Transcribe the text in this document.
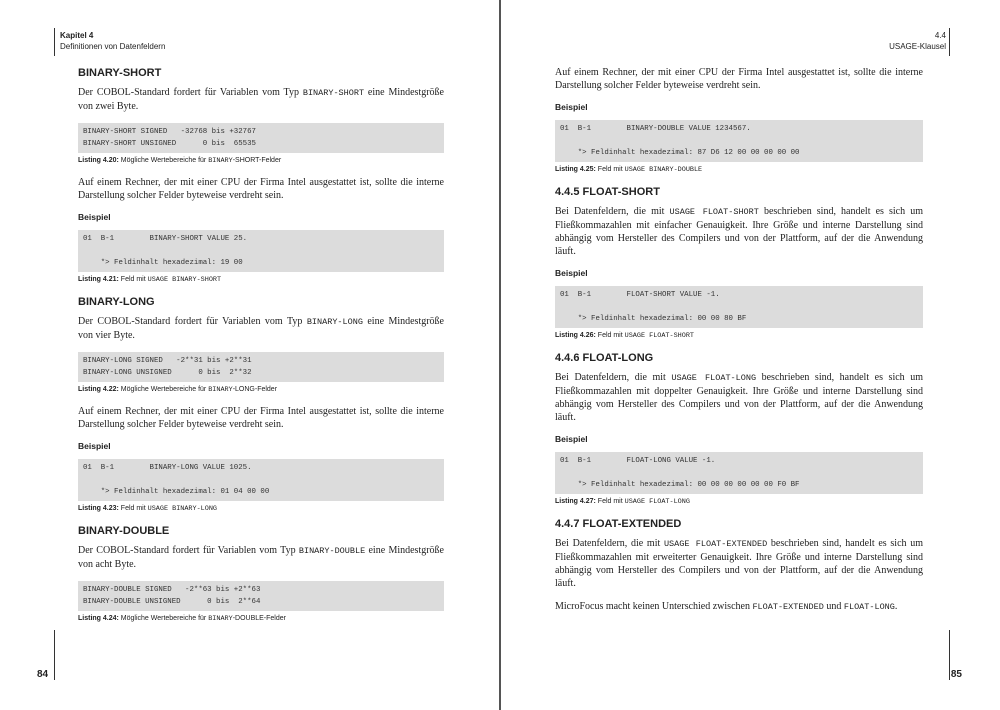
Kapitel 4
Definitionen von Datenfeldern
BINARY-SHORT

Der COBOL-Standard fordert für Variablen vom Typ BINARY-SHORT eine Mindestgröße von zwei Byte.

BINARY-SHORT SIGNED   -32768 bis +32767
BINARY-SHORT UNSIGNED      0 bis  65535
Listing 4.20: Mögliche Wertebereiche für BINARY-SHORT-Felder

Auf einem Rechner, der mit einer CPU der Firma Intel ausgestattet ist, sollte die interne Darstellung solcher Felder byteweise verdreht sein.

Beispiel
01  B-1        BINARY-SHORT VALUE 25.

*> Feldinhalt hexadezimal: 19 00
Listing 4.21: Feld mit USAGE BINARY-SHORT
BINARY-LONG

Der COBOL-Standard fordert für Variablen vom Typ BINARY-LONG eine Mindestgröße von vier Byte.

BINARY-LONG SIGNED   -2**31 bis +2**31
BINARY-LONG UNSIGNED      0 bis  2**32
Listing 4.22: Mögliche Wertebereiche für BINARY-LONG-Felder

Auf einem Rechner, der mit einer CPU der Firma Intel ausgestattet ist, sollte die interne Darstellung solcher Felder byteweise verdreht sein.

Beispiel
01  B-1        BINARY-LONG VALUE 1025.

*> Feldinhalt hexadezimal: 01 04 00 00
Listing 4.23: Feld mit USAGE BINARY-LONG
BINARY-DOUBLE

Der COBOL-Standard fordert für Variablen vom Typ BINARY-DOUBLE eine Mindestgröße von acht Byte.

BINARY-DOUBLE SIGNED   -2**63 bis +2**63
BINARY-DOUBLE UNSIGNED      0 bis  2**64
Listing 4.24: Mögliche Wertebereiche für BINARY-DOUBLE-Felder
84
4.4
USAGE-Klausel

Auf einem Rechner, der mit einer CPU der Firma Intel ausgestattet ist, sollte die interne Darstellung solcher Felder byteweise verdreht sein.

Beispiel
01  B-1        BINARY-DOUBLE VALUE 1234567.

*> Feldinhalt hexadezimal: 87 D6 12 00 00 00 00 00
Listing 4.25: Feld mit USAGE BINARY-DOUBLE
4.4.5 FLOAT-SHORT

Bei Datenfeldern, die mit USAGE FLOAT-SHORT beschrieben sind, handelt es sich um Fließkommazahlen mit einfacher Genauigkeit. Ihre Größe und interne Darstellung sind abhängig vom Hersteller des Compilers und von der Plattform, auf der die Anwendung läuft.

Beispiel
01  B-1        FLOAT-SHORT VALUE -1.

*> Feldinhalt hexadezimal: 00 00 80 BF
Listing 4.26: Feld mit USAGE FLOAT-SHORT
4.4.6 FLOAT-LONG

Bei Datenfeldern, die mit USAGE FLOAT-LONG beschrieben sind, handelt es sich um Fließkommazahlen mit doppelter Genauigkeit. Ihre Größe und interne Darstellung sind abhängig vom Hersteller des Compilers und von der Plattform, auf der die Anwendung läuft.

Beispiel
01  B-1        FLOAT-LONG VALUE -1.

*> Feldinhalt hexadezimal: 00 00 00 00 00 00 F0 BF
Listing 4.27: Feld mit USAGE FLOAT-LONG
4.4.7 FLOAT-EXTENDED

Bei Datenfeldern, die mit USAGE FLOAT-EXTENDED beschrieben sind, handelt es sich um Fließkommazahlen mit erweiterter Genauigkeit. Ihre Größe und interne Darstellung sind abhängig vom Hersteller des Compilers und von der Plattform, auf der die Anwendung läuft.

MicroFocus macht keinen Unterschied zwischen FLOAT-EXTENDED und FLOAT-LONG.

85
